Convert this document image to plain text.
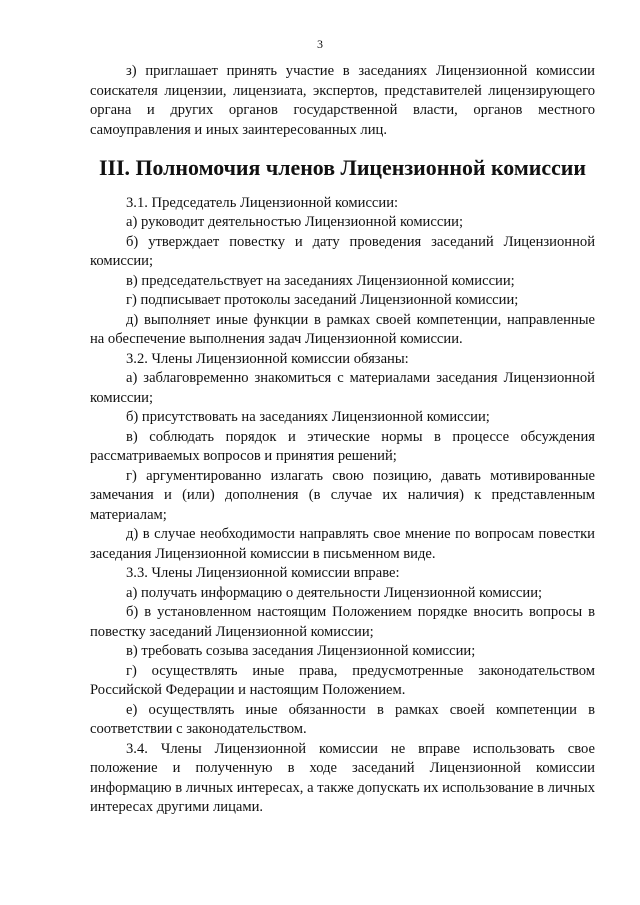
3

з) приглашает принять участие в заседаниях Лицензионной комиссии соискателя лицензии, лицензиата, экспертов, представителей лицензирующего органа и других органов государственной власти, органов местного самоуправления и иных заинтересованных лиц.

III. Полномочия членов Лицензионной комиссии

3.1. Председатель Лицензионной комиссии:

а) руководит деятельностью Лицензионной комиссии;

б) утверждает повестку и дату проведения заседаний Лицензионной комиссии;

в) председательствует на заседаниях Лицензионной комиссии;

г) подписывает протоколы заседаний Лицензионной комиссии;

д) выполняет иные функции в рамках своей компетенции, направленные на обеспечение выполнения задач Лицензионной комиссии.

3.2. Члены Лицензионной комиссии обязаны:

а) заблаговременно знакомиться с материалами заседания Лицензионной комиссии;

б) присутствовать на заседаниях Лицензионной комиссии;

в) соблюдать порядок и этические нормы в процессе обсуждения рассматриваемых вопросов и принятия решений;

г) аргументированно излагать свою позицию, давать мотивированные замечания и (или) дополнения (в случае их наличия) к представленным материалам;

д) в случае необходимости направлять свое мнение по вопросам повестки заседания Лицензионной комиссии в письменном виде.

3.3. Члены Лицензионной комиссии вправе:

а) получать информацию о деятельности Лицензионной комиссии;

б) в установленном настоящим Положением порядке вносить вопросы в повестку заседаний Лицензионной комиссии;

в) требовать созыва заседания Лицензионной комиссии;

г) осуществлять иные права, предусмотренные законодательством Российской Федерации и настоящим Положением.

е) осуществлять иные обязанности в рамках своей компетенции в соответствии с законодательством.

3.4. Члены Лицензионной комиссии не вправе использовать свое положение и полученную в ходе заседаний Лицензионной комиссии информацию в личных интересах, а также допускать их использование в личных интересах другими лицами.
